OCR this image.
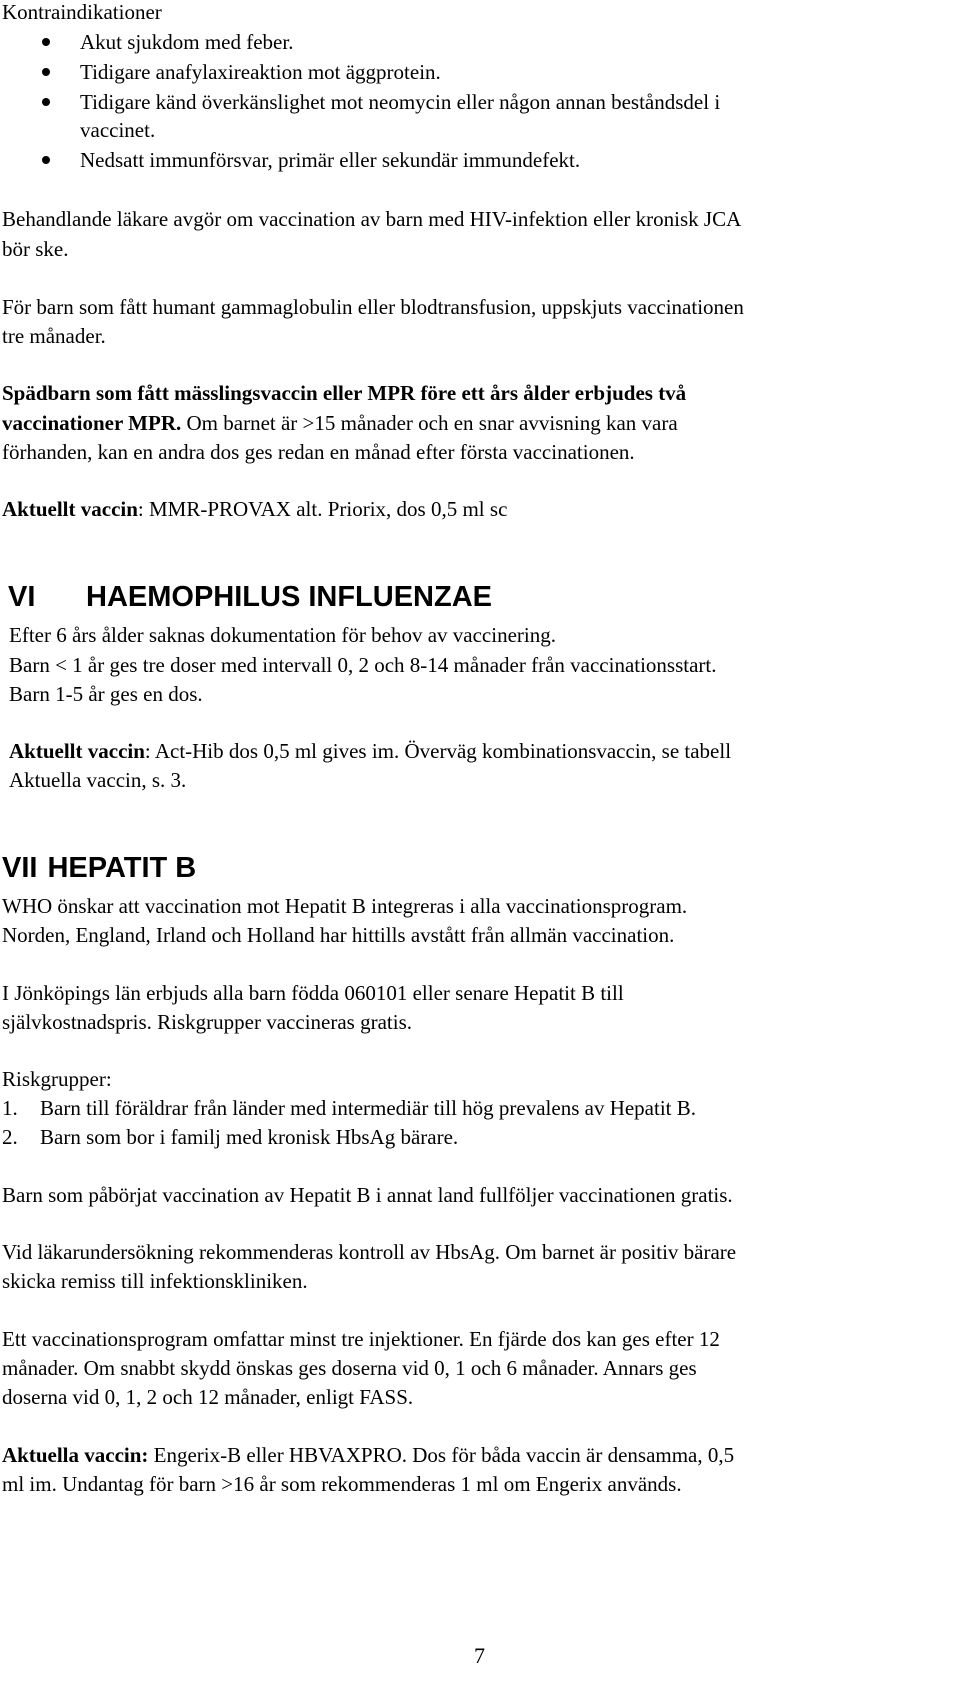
Kontraindikationer
Akut sjukdom med feber.
Tidigare anafylaxireaktion mot äggprotein.
Tidigare känd överkänslighet mot neomycin eller någon annan beståndsdel i
vaccinet.
Nedsatt immunförsvar, primär eller sekundär immundefekt.
Behandlande läkare avgör om vaccination av barn med HIV-infektion eller kronisk JCA
bör ske.
För barn som fått humant gammaglobulin eller blodtransfusion, uppskjuts vaccinationen
tre månader.
Spädbarn som fått mässlingsvaccin eller MPR före ett års ålder erbjudes två
vaccinationer MPR. Om barnet är >15 månader och en snar avvisning kan vara
förhanden, kan en andra dos ges redan en månad efter första vaccinationen.
Aktuellt vaccin: MMR-PROVAX alt. Priorix, dos 0,5 ml sc
VI HAEMOPHILUS INFLUENZAE
Efter 6 års ålder saknas dokumentation för behov av vaccinering.
Barn < 1 år ges tre doser med intervall 0, 2 och 8-14 månader från vaccinationsstart.
Barn 1-5 år ges en dos.
Aktuellt vaccin: Act-Hib dos 0,5 ml gives im. Överväg kombinationsvaccin, se tabell
Aktuella vaccin, s. 3.
VII HEPATIT B
WHO önskar att vaccination mot Hepatit B integreras i alla vaccinationsprogram.
Norden, England, Irland och Holland har hittills avstått från allmän vaccination.
I Jönköpings län erbjuds alla barn födda 060101 eller senare Hepatit B till
självkostnadspris. Riskgrupper vaccineras gratis.
Riskgrupper:
1. Barn till föräldrar från länder med intermediär till hög prevalens av Hepatit B.
2. Barn som bor i familj med kronisk HbsAg bärare.
Barn som påbörjat vaccination av Hepatit B i annat land fullföljer vaccinationen gratis.
Vid läkarundersökning rekommenderas kontroll av HbsAg. Om barnet är positiv bärare
skicka remiss till infektionskliniken.
Ett vaccinationsprogram omfattar minst tre injektioner. En fjärde dos kan ges efter 12
månader. Om snabbt skydd önskas ges doserna vid 0, 1 och 6 månader. Annars ges
doserna vid 0, 1, 2 och 12 månader, enligt FASS.
Aktuella vaccin: Engerix-B eller HBVAXPRO. Dos för båda vaccin är densamma, 0,5
ml im. Undantag för barn >16 år som rekommenderas 1 ml om Engerix används.
7
